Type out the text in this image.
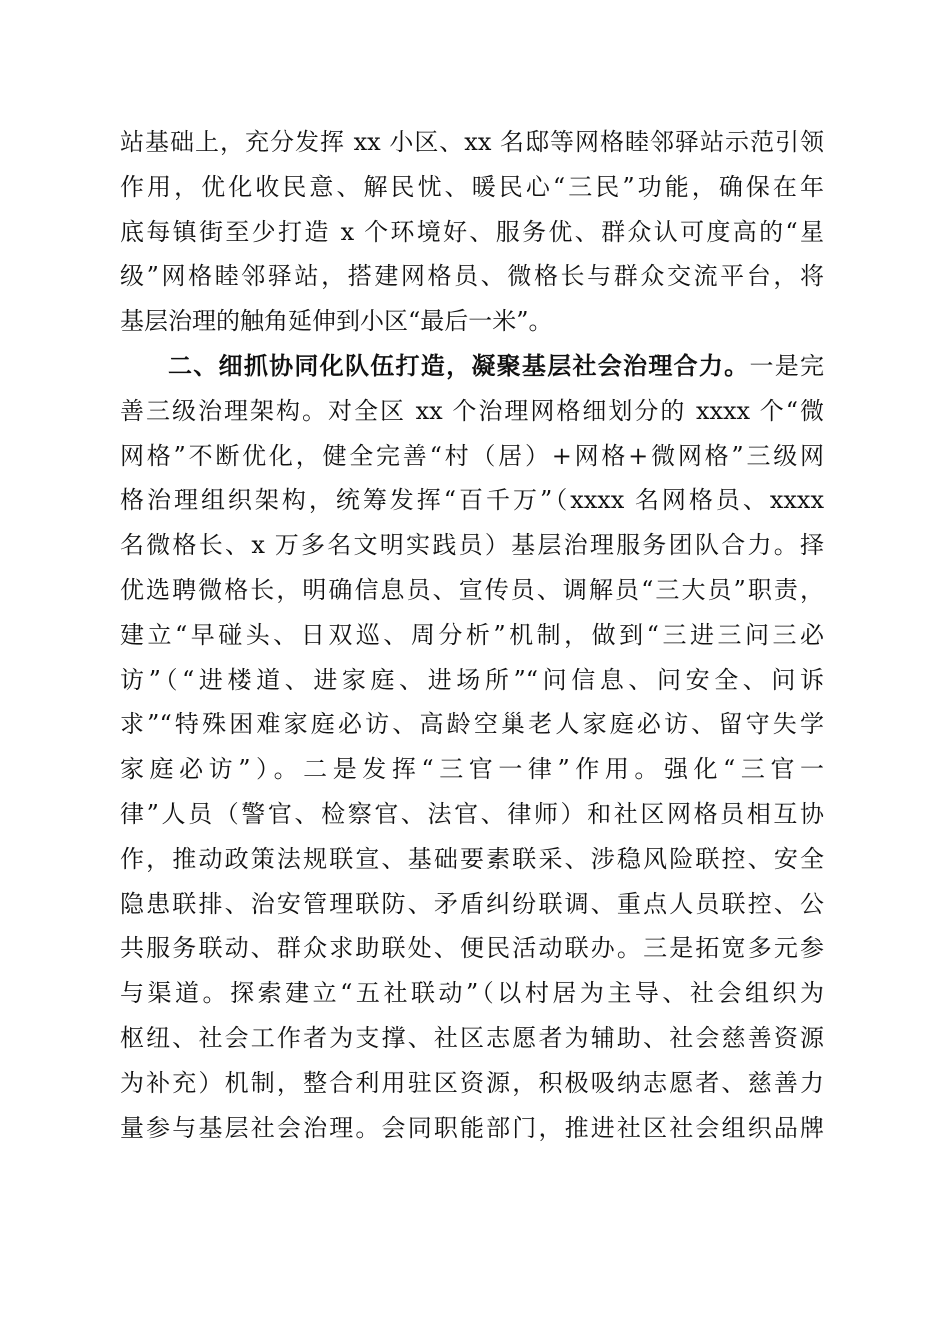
站基础上，充分发挥 xx 小区、xx 名邸等网格睦邻驿站示范引领
作用，优化收民意、解民忧、暖民心“三民”功能，确保在年
底每镇街至少打造 x 个环境好、服务优、群众认可度高的“星
级”网格睦邻驿站，搭建网格员、微格长与群众交流平台，将
基层治理的触角延伸到小区“最后一米”。
二、细抓协同化队伍打造，凝聚基层社会治理合力。一是完
善三级治理架构。对全区 xx 个治理网格细划分的 xxxx 个“微
网格”不断优化，健全完善“村（居）+网格+微网格”三级网
格治理组织架构，统筹发挥“百千万”（xxxx 名网格员、xxxx
名微格长、x 万多名文明实践员）基层治理服务团队合力。择
优选聘微格长，明确信息员、宣传员、调解员“三大员”职责，
建立“早碰头、日双巡、周分析”机制，做到“三进三问三必
访”（“进楼道、进家庭、进场所”“问信息、问安全、问诉
求”“特殊困难家庭必访、高龄空巢老人家庭必访、留守失学
家庭必访”）。二是发挥“三官一律”作用。强化“三官一
律”人员（警官、检察官、法官、律师）和社区网格员相互协
作，推动政策法规联宣、基础要素联采、涉稳风险联控、安全
隐患联排、治安管理联防、矛盾纠纷联调、重点人员联控、公
共服务联动、群众求助联处、便民活动联办。三是拓宽多元参
与渠道。探索建立“五社联动”（以村居为主导、社会组织为
枢纽、社会工作者为支撑、社区志愿者为辅助、社会慈善资源
为补充）机制，整合利用驻区资源，积极吸纳志愿者、慈善力
量参与基层社会治理。会同职能部门，推进社区社会组织品牌
